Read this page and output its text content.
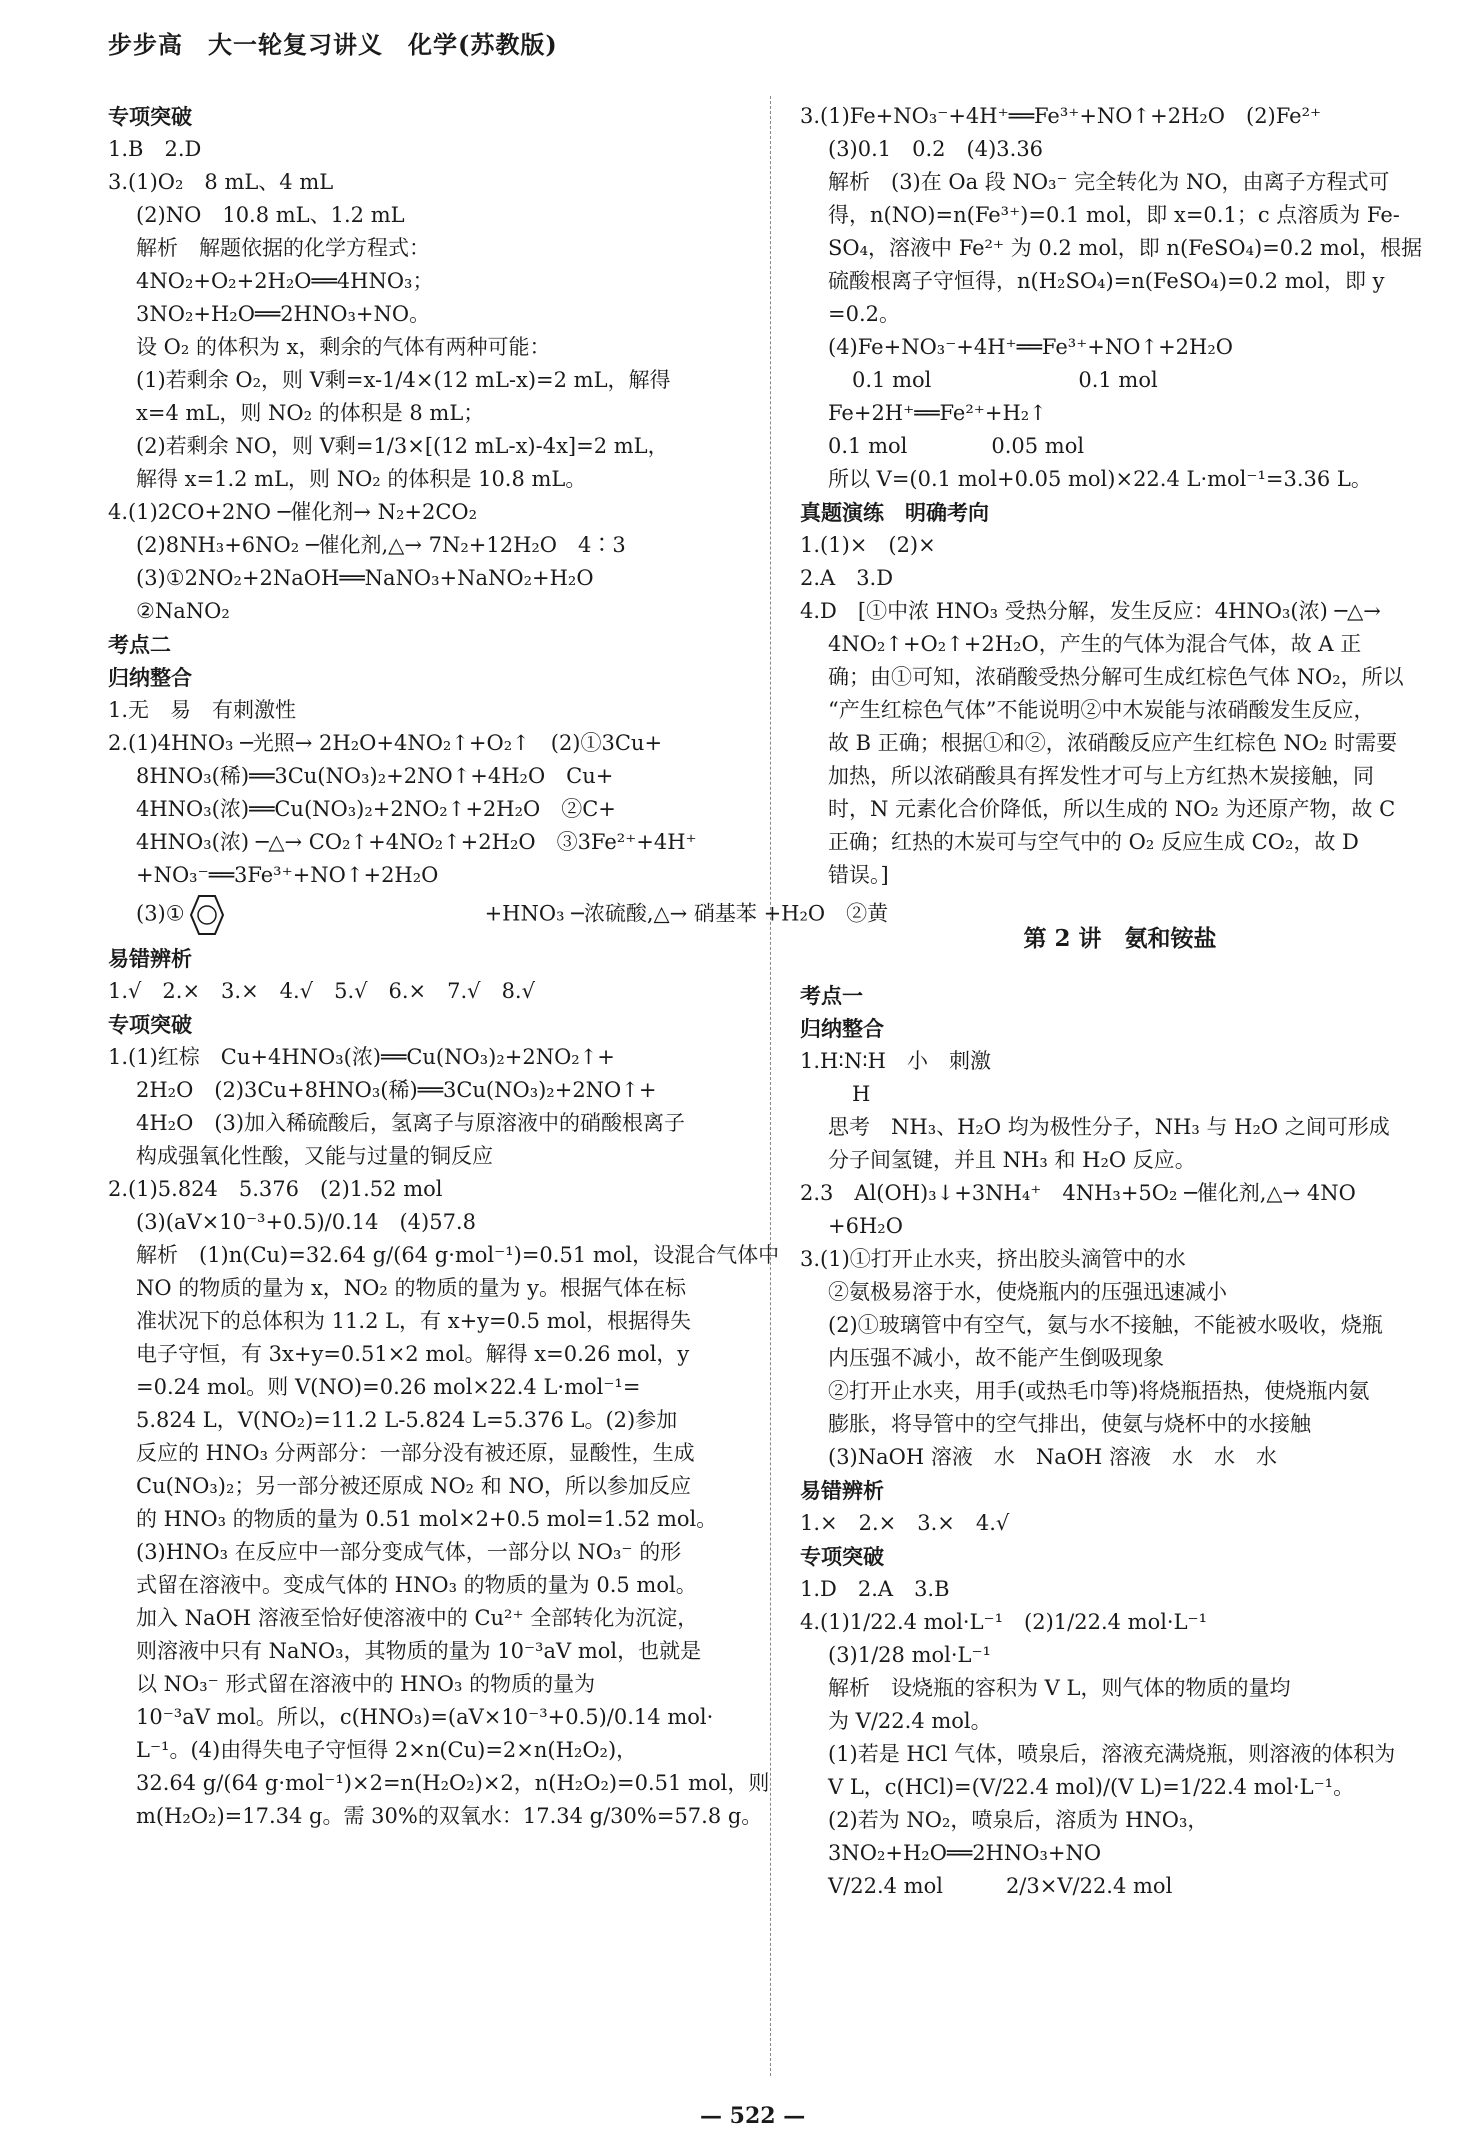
步步高　大一轮复习讲义　化学(苏教版)
专项突破
1.B　2.D
3.(1)O₂　8 mL、4 mL
(2)NO　10.8 mL、1.2 mL
解析　解题依据的化学方程式：
4NO₂+O₂+2H₂O══4HNO₃；
3NO₂+H₂O══2HNO₃+NO。
设 O₂ 的体积为 x，剩余的气体有两种可能：
(1)若剩余 O₂，则 V剩=x-1/4×(12 mL-x)=2 mL，解得
x=4 mL，则 NO₂ 的体积是 8 mL；
(2)若剩余 NO，则 V剩=1/3×[(12 mL-x)-4x]=2 mL，
解得 x=1.2 mL，则 NO₂ 的体积是 10.8 mL。
4.(1)2CO+2NO ─催化剂→ N₂+2CO₂
(2)8NH₃+6NO₂ ─催化剂,△→ 7N₂+12H₂O　4∶3
(3)①2NO₂+2NaOH══NaNO₃+NaNO₂+H₂O
②NaNO₂
考点二
归纳整合
1.无　易　有刺激性
2.(1)4HNO₃ ─光照→ 2H₂O+4NO₂↑+O₂↑　(2)①3Cu+
8HNO₃(稀)══3Cu(NO₃)₂+2NO↑+4H₂O　Cu+
4HNO₃(浓)══Cu(NO₃)₂+2NO₂↑+2H₂O　②C+
4HNO₃(浓) ─△→ CO₂↑+4NO₂↑+2H₂O　③3Fe²⁺+4H⁺
+NO₃⁻══3Fe³⁺+NO↑+2H₂O
(3)①	+HNO₃ ─浓硫酸,△→ 硝基苯 +H₂O　②黄
易错辨析
1.√　2.×　3.×　4.√　5.√　6.×　7.√　8.√
专项突破
1.(1)红棕　Cu+4HNO₃(浓)══Cu(NO₃)₂+2NO₂↑+
2H₂O　(2)3Cu+8HNO₃(稀)══3Cu(NO₃)₂+2NO↑+
4H₂O　(3)加入稀硫酸后，氢离子与原溶液中的硝酸根离子
构成强氧化性酸，又能与过量的铜反应
2.(1)5.824　5.376　(2)1.52 mol
(3)(aV×10⁻³+0.5)/0.14　(4)57.8
解析　(1)n(Cu)=32.64 g/(64 g·mol⁻¹)=0.51 mol，设混合气体中
NO 的物质的量为 x，NO₂ 的物质的量为 y。根据气体在标
准状况下的总体积为 11.2 L，有 x+y=0.5 mol，根据得失
电子守恒，有 3x+y=0.51×2 mol。解得 x=0.26 mol，y
=0.24 mol。则 V(NO)=0.26 mol×22.4 L·mol⁻¹=
5.824 L，V(NO₂)=11.2 L-5.824 L=5.376 L。(2)参加
反应的 HNO₃ 分两部分：一部分没有被还原，显酸性，生成
Cu(NO₃)₂；另一部分被还原成 NO₂ 和 NO，所以参加反应
的 HNO₃ 的物质的量为 0.51 mol×2+0.5 mol=1.52 mol。
(3)HNO₃ 在反应中一部分变成气体，一部分以 NO₃⁻ 的形
式留在溶液中。变成气体的 HNO₃ 的物质的量为 0.5 mol。
加入 NaOH 溶液至恰好使溶液中的 Cu²⁺ 全部转化为沉淀，
则溶液中只有 NaNO₃，其物质的量为 10⁻³aV mol，也就是
以 NO₃⁻ 形式留在溶液中的 HNO₃ 的物质的量为
10⁻³aV mol。所以，c(HNO₃)=(aV×10⁻³+0.5)/0.14 mol·
L⁻¹。(4)由得失电子守恒得 2×n(Cu)=2×n(H₂O₂)，
32.64 g/(64 g·mol⁻¹)×2=n(H₂O₂)×2，n(H₂O₂)=0.51 mol，则
m(H₂O₂)=17.34 g。需 30%的双氧水：17.34 g/30%=57.8 g。
3.(1)Fe+NO₃⁻+4H⁺══Fe³⁺+NO↑+2H₂O　(2)Fe²⁺
(3)0.1　0.2　(4)3.36
解析　(3)在 Oa 段 NO₃⁻ 完全转化为 NO，由离子方程式可
得，n(NO)=n(Fe³⁺)=0.1 mol，即 x=0.1；c 点溶质为 Fe-
SO₄，溶液中 Fe²⁺ 为 0.2 mol，即 n(FeSO₄)=0.2 mol，根据
硫酸根离子守恒得，n(H₂SO₄)=n(FeSO₄)=0.2 mol，即 y
=0.2。
(4)Fe+NO₃⁻+4H⁺══Fe³⁺+NO↑+2H₂O
0.1 mol　　　　　　　0.1 mol
Fe+2H⁺══Fe²⁺+H₂↑
0.1 mol　　　　0.05 mol
所以 V=(0.1 mol+0.05 mol)×22.4 L·mol⁻¹=3.36 L。
真题演练　明确考向
1.(1)×　(2)×
2.A　3.D
4.D　[①中浓 HNO₃ 受热分解，发生反应：4HNO₃(浓) ─△→
4NO₂↑+O₂↑+2H₂O，产生的气体为混合气体，故 A 正
确；由①可知，浓硝酸受热分解可生成红棕色气体 NO₂，所以
“产生红棕色气体”不能说明②中木炭能与浓硝酸发生反应，
故 B 正确；根据①和②，浓硝酸反应产生红棕色 NO₂ 时需要
加热，所以浓硝酸具有挥发性才可与上方红热木炭接触，同
时，N 元素化合价降低，所以生成的 NO₂ 为还原产物，故 C
正确；红热的木炭可与空气中的 O₂ 反应生成 CO₂，故 D
错误。]
第 2 讲　氨和铵盐
考点一
归纳整合
1.H∶N∶H　小　刺激
H
思考　NH₃、H₂O 均为极性分子，NH₃ 与 H₂O 之间可形成
分子间氢键，并且 NH₃ 和 H₂O 反应。
2.3　Al(OH)₃↓+3NH₄⁺　4NH₃+5O₂ ─催化剂,△→ 4NO
+6H₂O
3.(1)①打开止水夹，挤出胶头滴管中的水
②氨极易溶于水，使烧瓶内的压强迅速减小
(2)①玻璃管中有空气，氨与水不接触，不能被水吸收，烧瓶
内压强不减小，故不能产生倒吸现象
②打开止水夹，用手(或热毛巾等)将烧瓶捂热，使烧瓶内氨
膨胀，将导管中的空气排出，使氨与烧杯中的水接触
(3)NaOH 溶液　水　NaOH 溶液　水　水　水
易错辨析
1.×　2.×　3.×　4.√
专项突破
1.D　2.A　3.B
4.(1)1/22.4 mol·L⁻¹　(2)1/22.4 mol·L⁻¹
(3)1/28 mol·L⁻¹
解析　设烧瓶的容积为 V L，则气体的物质的量均
为 V/22.4 mol。
(1)若是 HCl 气体，喷泉后，溶液充满烧瓶，则溶液的体积为
V L，c(HCl)=(V/22.4 mol)/(V L)=1/22.4 mol·L⁻¹。
(2)若为 NO₂，喷泉后，溶质为 HNO₃，
3NO₂+H₂O══2HNO₃+NO
V/22.4 mol　　　2/3×V/22.4 mol
— 522 —
